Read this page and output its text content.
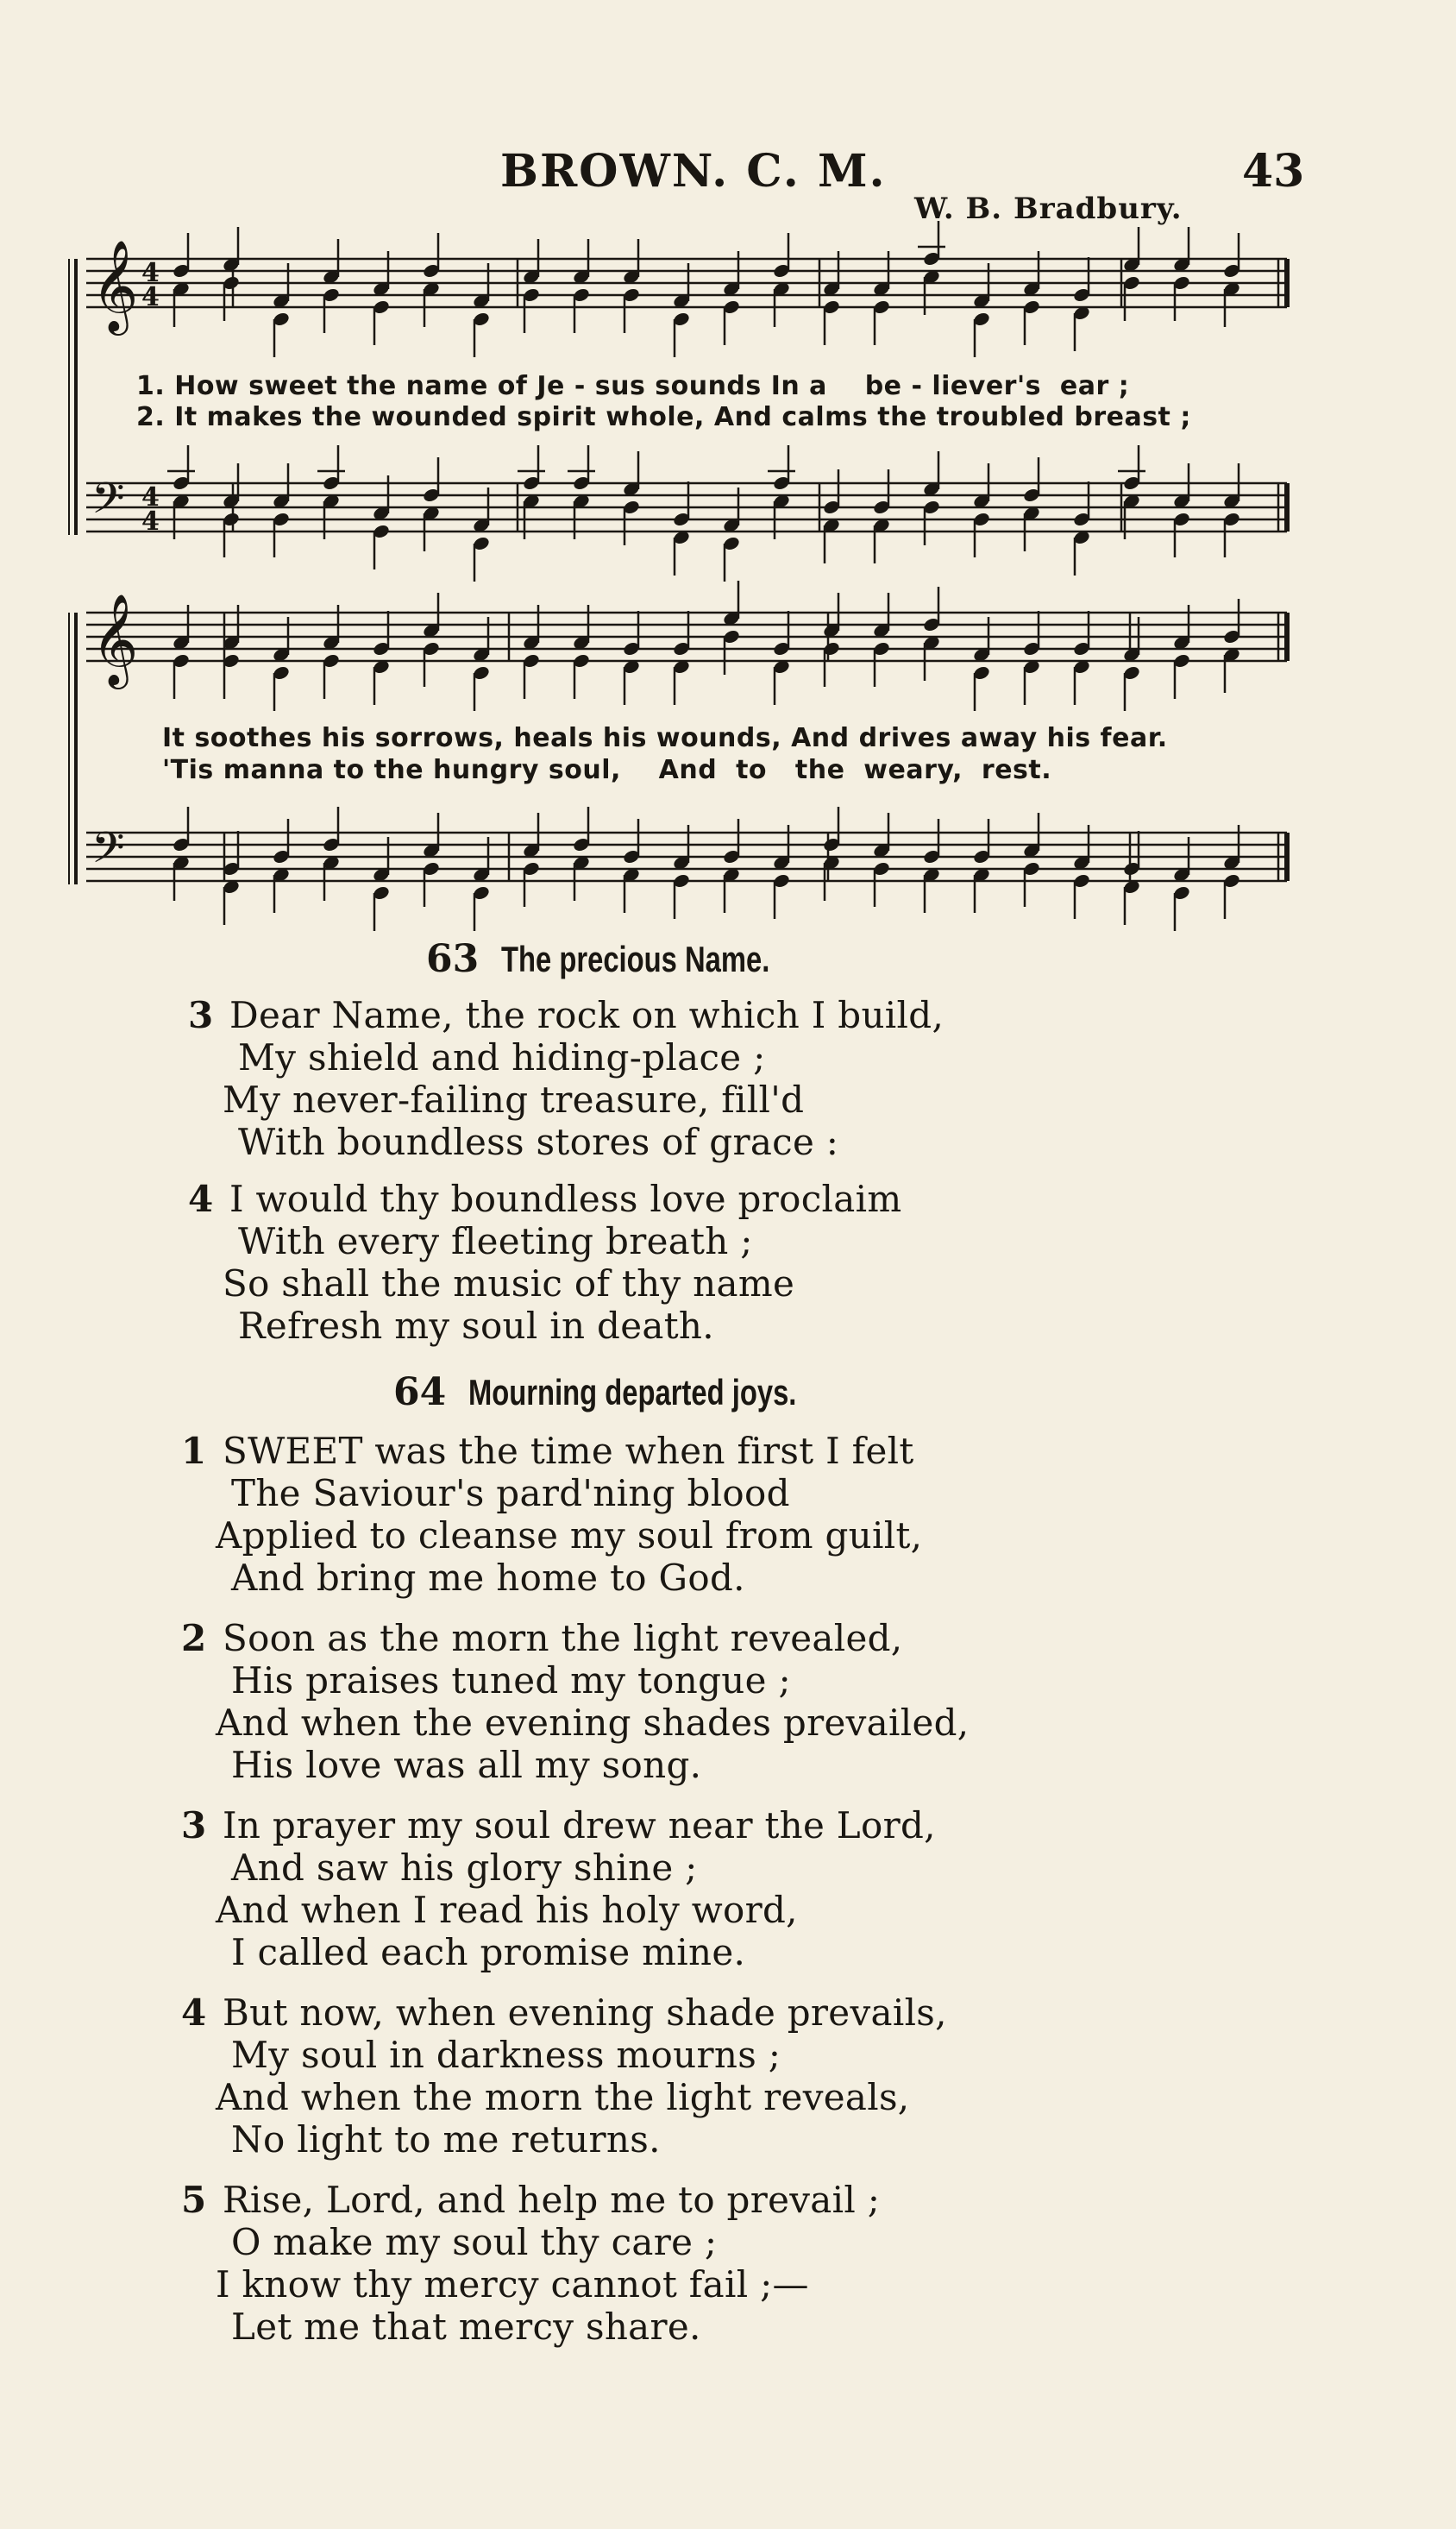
BROWN. C. M.	43
W. B. Bradbury.
𝄞 4
4
𝄢 4
4
𝄞
𝄢
1. How sweet the name of Je - sus sounds In a    be - liever's  ear ;
2. It makes the wounded spirit whole, And calms the troubled breast ;
It soothes his sorrows, heals his wounds, And drives away his fear.
'Tis manna to the hungry soul,    And  to   the  weary,  rest.
63 The precious Name.
3 Dear Name, the rock on which I build,
My shield and hiding-place ;
My never-failing treasure, fill'd
With boundless stores of grace :
4 I would thy boundless love proclaim
With every fleeting breath ;
So shall the music of thy name
Refresh my soul in death.
64 Mourning departed joys.
1 SWEET was the time when first I felt
The Saviour's pard'ning blood
Applied to cleanse my soul from guilt,
And bring me home to God.
2 Soon as the morn the light revealed,
His praises tuned my tongue ;
And when the evening shades prevailed,
His love was all my song.
3 In prayer my soul drew near the Lord,
And saw his glory shine ;
And when I read his holy word,
I called each promise mine.
4 But now, when evening shade prevails,
My soul in darkness mourns ;
And when the morn the light reveals,
No light to me returns.
5 Rise, Lord, and help me to prevail ;
O make my soul thy care ;
I know thy mercy cannot fail ;—
Let me that mercy share.
